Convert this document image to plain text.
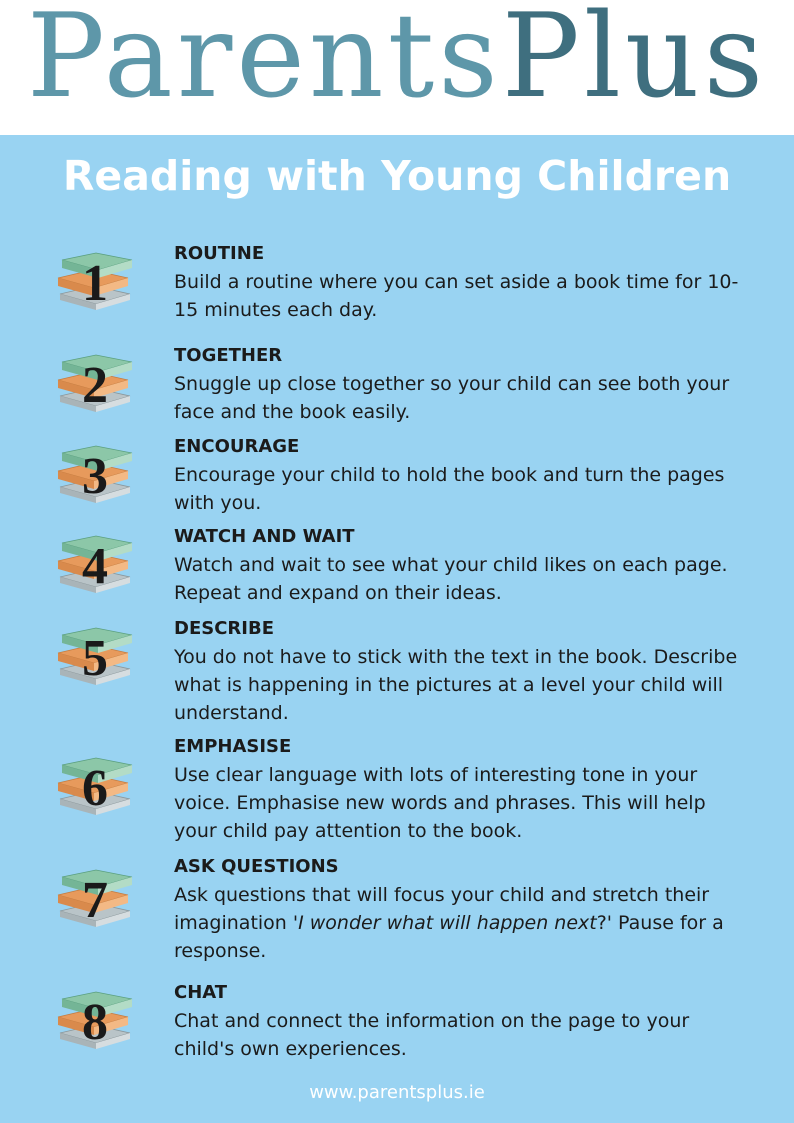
ParentsPlus
Reading with Young Children
1
ROUTINE
Build a routine where you can set aside a book time for 10-15 minutes each day.
2
TOGETHER
Snuggle up close together so your child can see both your face and the book easily.
3
ENCOURAGE
Encourage your child to hold the book and turn the pages with you.
4
WATCH AND WAIT
Watch and wait to see what your child likes on each page. Repeat and expand on their ideas.
5
DESCRIBE
You do not have to stick with the text in the book. Describe what is happening in the pictures at a level your child will understand.
6
EMPHASISE
Use clear language with lots of interesting tone in your voice. Emphasise new words and phrases. This will help your child pay attention to the book.
7
ASK QUESTIONS
Ask questions that will focus your child and stretch their imagination 'I wonder what will happen next?' Pause for a response.
8
CHAT
Chat and connect the information on the page to your child's own experiences.
www.parentsplus.ie
